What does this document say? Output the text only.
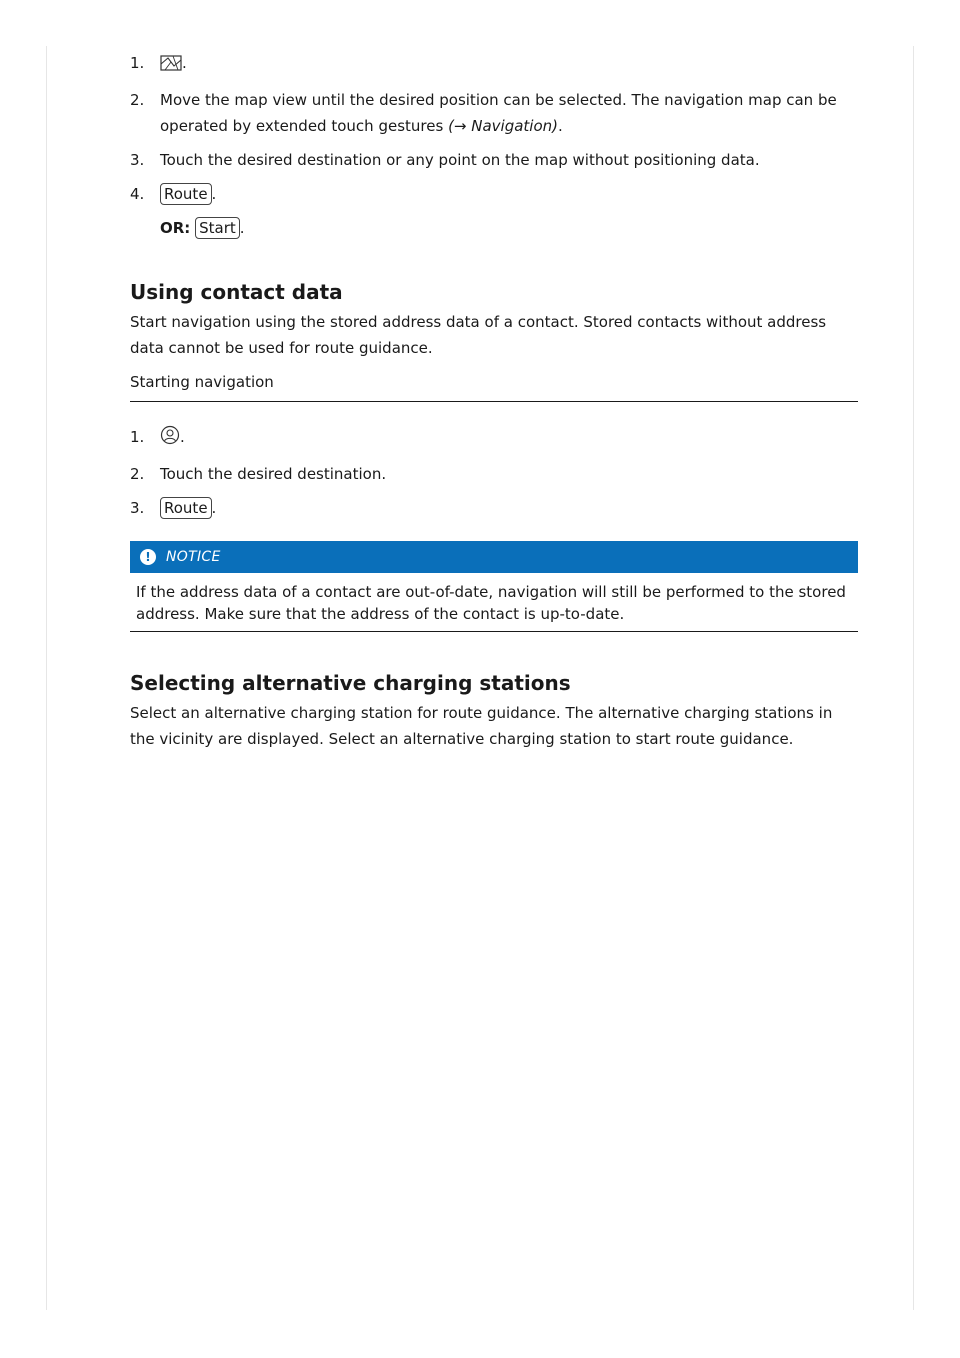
1.	.
2.	Move the map view until the desired position can be selected. The navigation map can be operated by extended touch gestures (→ Navigation).
3.	Touch the desired destination or any point on the map without positioning data.
4.	Route .
OR: Start .
Using contact data

Start navigation using the stored address data of a contact. Stored contacts without address data cannot be used for route guidance.

Starting navigation
1.	.
2.	Touch the desired destination.
3.	Route .
!	NOTICE
If the address data of a contact are out-of-date, navigation will still be performed to the stored address. Make sure that the address of the contact is up-to-date.
Selecting alternative charging stations

Select an alternative charging station for route guidance. The alternative charging stations in the vicinity are displayed. Select an alternative charging station to start route guidance.
